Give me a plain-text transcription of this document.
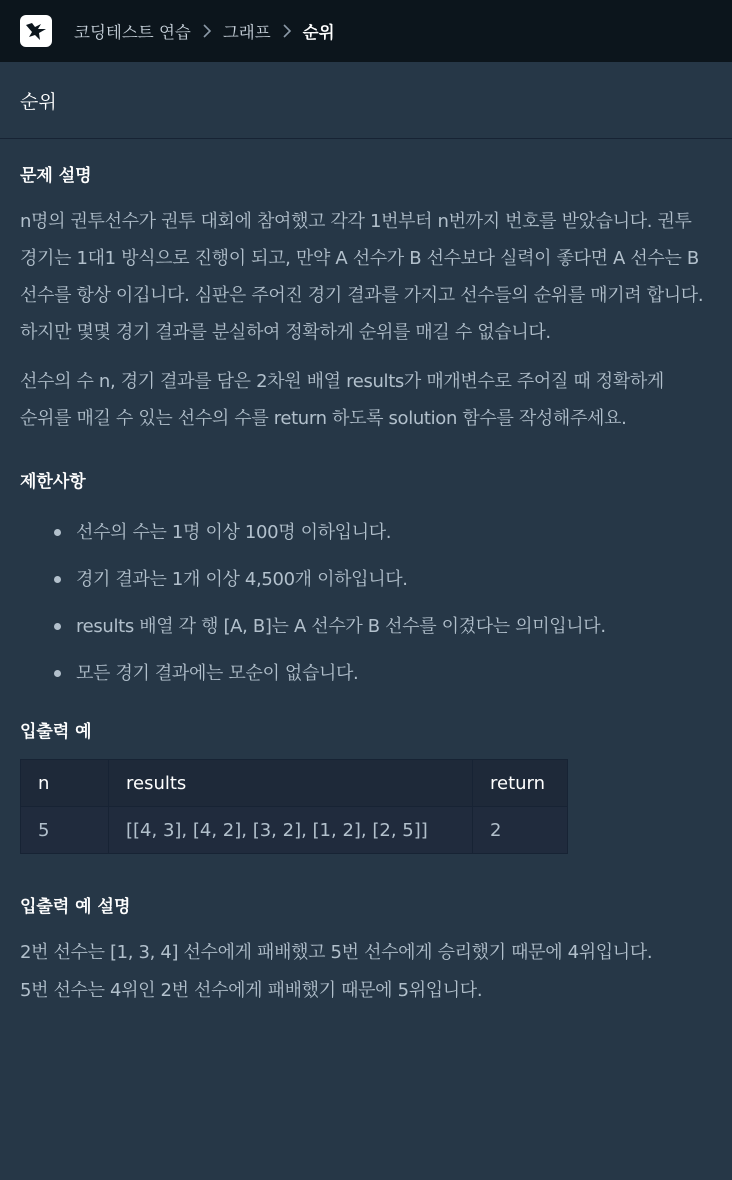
코딩테스트 연습 그래프 순위
순위
문제 설명

n명의 권투선수가 권투 대회에 참여했고 각각 1번부터 n번까지 번호를 받았습니다. 권투 경기는 1대1 방식으로 진행이 되고, 만약 A 선수가 B 선수보다 실력이 좋다면 A 선수는 B 선수를 항상 이깁니다. 심판은 주어진 경기 결과를 가지고 선수들의 순위를 매기려 합니다. 하지만 몇몇 경기 결과를 분실하여 정확하게 순위를 매길 수 없습니다.

선수의 수 n, 경기 결과를 담은 2차원 배열 results가 매개변수로 주어질 때 정확하게 순위를 매길 수 있는 선수의 수를 return 하도록 solution 함수를 작성해주세요.

제한사항
선수의 수는 1명 이상 100명 이하입니다.
경기 결과는 1개 이상 4,500개 이하입니다.
results 배열 각 행 [A, B]는 A 선수가 B 선수를 이겼다는 의미입니다.
모든 경기 결과에는 모순이 없습니다.
입출력 예
n	results	return
5	[[4, 3], [4, 2], [3, 2], [1, 2], [2, 5]]	2
입출력 예 설명

2번 선수는 [1, 3, 4] 선수에게 패배했고 5번 선수에게 승리했기 때문에 4위입니다.

5번 선수는 4위인 2번 선수에게 패배했기 때문에 5위입니다.
